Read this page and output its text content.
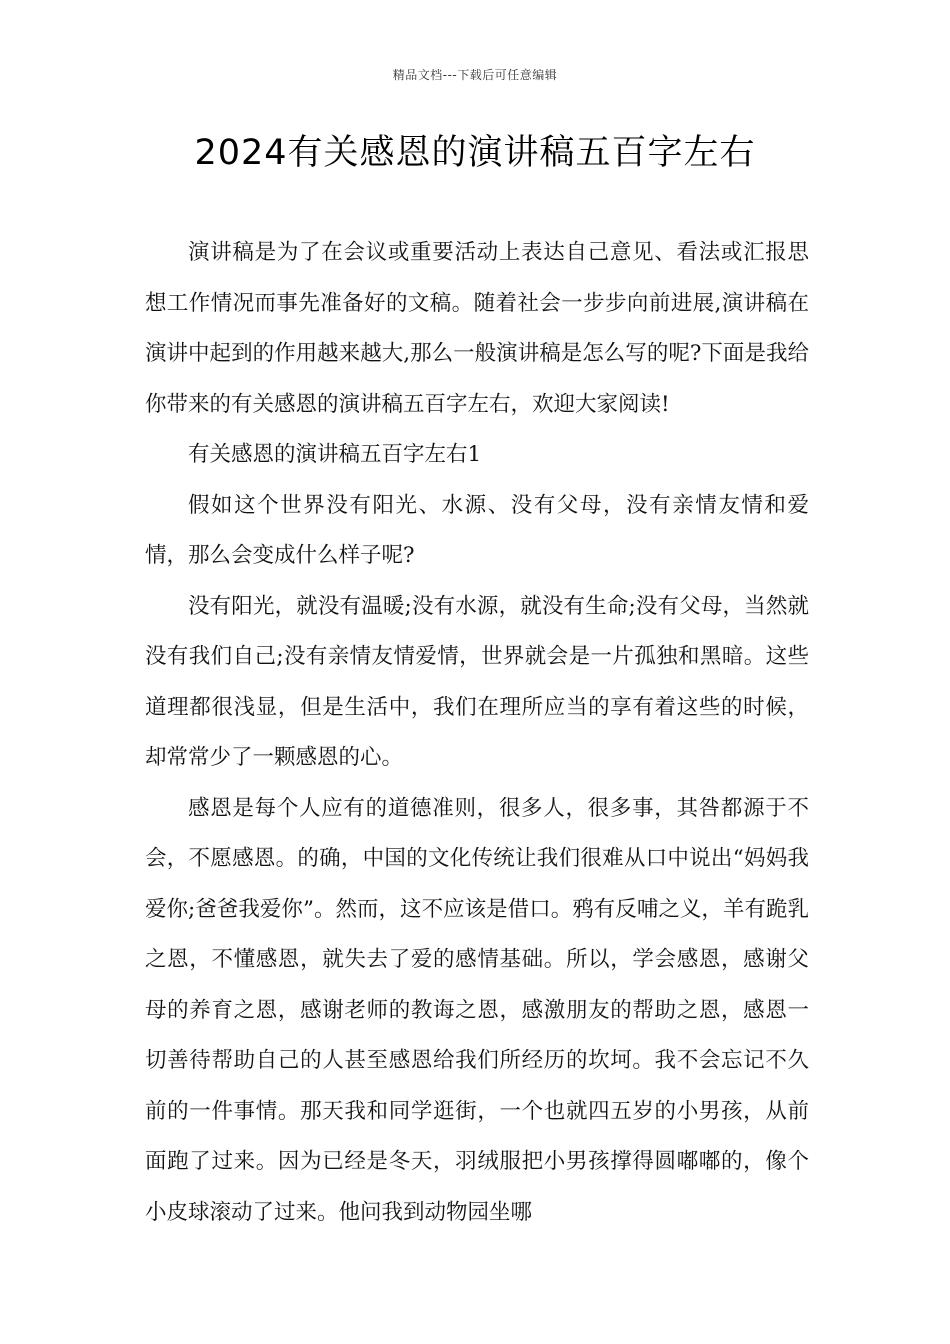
精品文档---下载后可任意编辑
2024有关感恩的演讲稿五百字左右

演讲稿是为了在会议或重要活动上表达自己意见、看法或汇报思想工作情况而事先准备好的文稿。随着社会一步步向前进展,演讲稿在演讲中起到的作用越来越大,那么一般演讲稿是怎么写的呢?下面是我给你带来的有关感恩的演讲稿五百字左右，欢迎大家阅读!

有关感恩的演讲稿五百字左右1

假如这个世界没有阳光、水源、没有父母，没有亲情友情和爱情，那么会变成什么样子呢?

没有阳光，就没有温暖;没有水源，就没有生命;没有父母，当然就没有我们自己;没有亲情友情爱情，世界就会是一片孤独和黑暗。这些道理都很浅显，但是生活中，我们在理所应当的享有着这些的时候，却常常少了一颗感恩的心。

感恩是每个人应有的道德准则，很多人，很多事，其咎都源于不会，不愿感恩。的确，中国的文化传统让我们很难从口中说出“妈妈我爱你;爸爸我爱你”。然而，这不应该是借口。鸦有反哺之义，羊有跪乳之恩，不懂感恩，就失去了爱的感情基础。所以，学会感恩，感谢父母的养育之恩，感谢老师的教诲之恩，感激朋友的帮助之恩，感恩一切善待帮助自己的人甚至感恩给我们所经历的坎坷。我不会忘记不久前的一件事情。那天我和同学逛街，一个也就四五岁的小男孩，从前面跑了过来。因为已经是冬天，羽绒服把小男孩撑得圆嘟嘟的，像个小皮球滚动了过来。他问我到动物园坐哪
